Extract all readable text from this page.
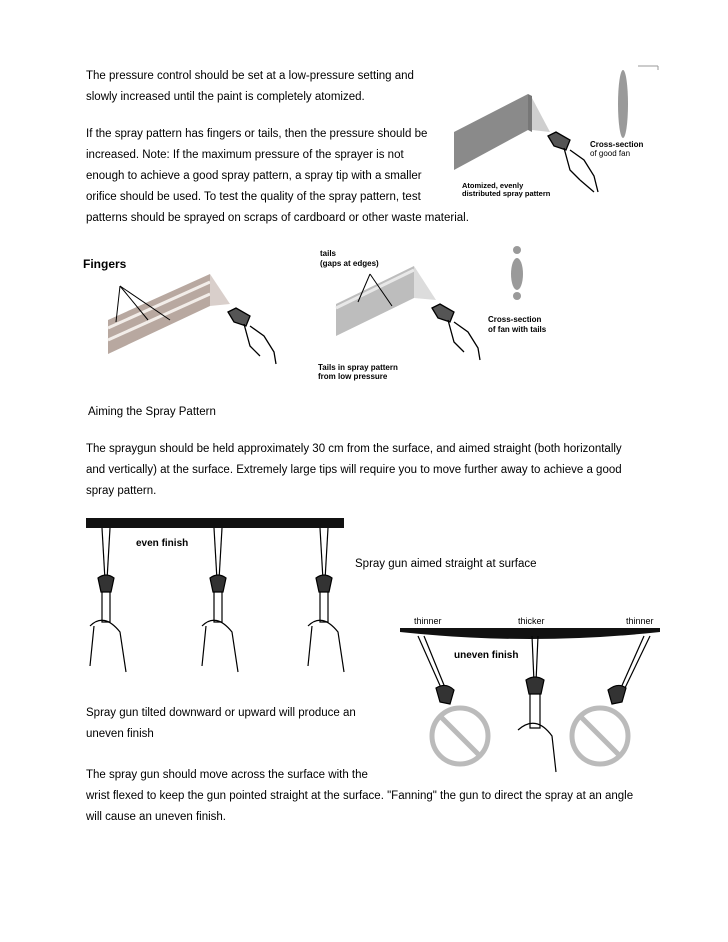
The pressure control should be set at a low-pressure setting and

slowly increased until the paint is completely atomized.

If the spray pattern has fingers or tails, then the pressure should be

increased. Note: If the maximum pressure of the sprayer is not

enough to achieve a good spray pattern, a spray tip with a smaller

orifice should be used. To test the quality of the spray pattern, test

patterns should be sprayed on scraps of cardboard or other waste material.

Cross-section
of good fan
Atomized, evenly
distributed spray pattern
Fingers
tails
(gaps at edges)
Cross-section
of fan with tails
Tails in spray pattern
from low pressure

Aiming the Spray Pattern

The spraygun should be held approximately 30 cm from the surface, and aimed straight (both horizontally

and vertically) at the surface. Extremely large tips will require you to move further away to achieve a good

spray pattern.

even finish

Spray gun aimed straight at surface

thinner	thicker	thinner
uneven finish

Spray gun tilted downward or upward will produce an

uneven finish

The spray gun should move across the surface with the

wrist flexed to keep the gun pointed straight at the surface. "Fanning" the gun to direct the spray at an angle

will cause an uneven finish.
